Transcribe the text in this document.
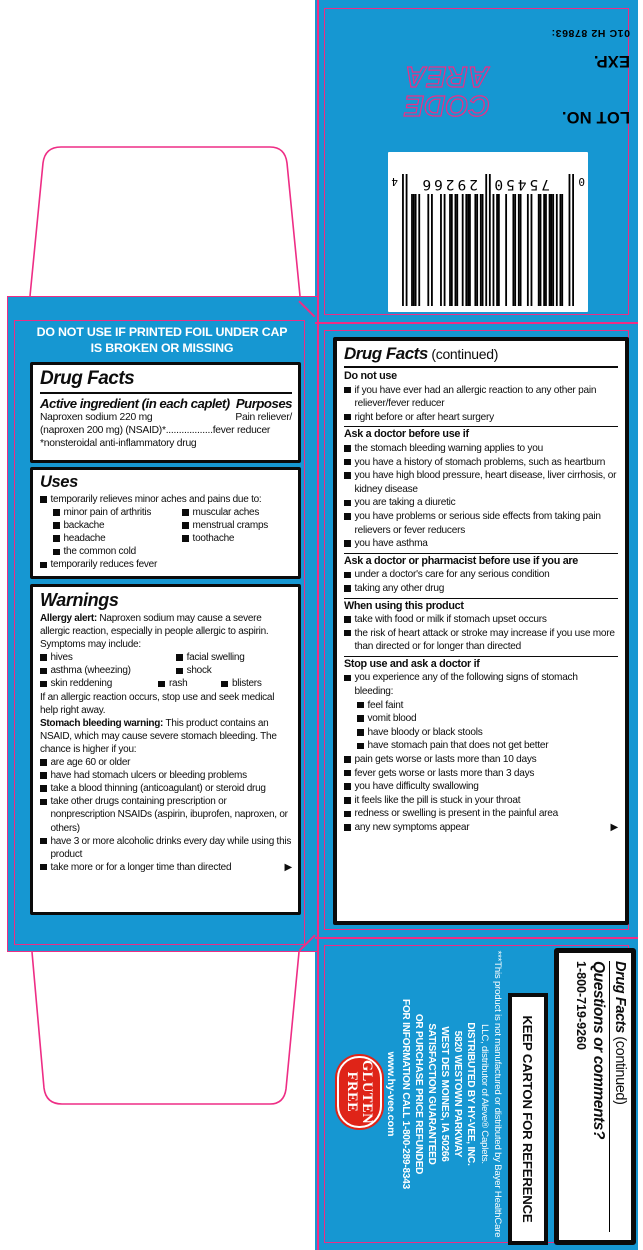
0
75450
29266
4
LOT NO.
CODE
AREA	EXP.
01C H2 87863:
DO NOT USE IF PRINTED FOIL UNDER CAP
IS BROKEN OR MISSING
Drug Facts
Active ingredient (in each caplet) Purposes
Naproxen sodium 220 mg	Pain reliever/
(naproxen 200 mg) (NSAID)*..................fever reducer
*nonsteroidal anti-inflammatory drug
Uses
temporarily relieves minor aches and pains due to:
minor pain of arthritis	muscular aches
backache	menstrual cramps
headache	toothache
the common cold
temporarily reduces fever
Warnings
Allergy alert: Naproxen sodium may cause a severe allergic reaction, especially in people allergic to aspirin. Symptoms may include:
hives	facial swelling
asthma (wheezing)	shock
skin reddening	rash	blisters
If an allergic reaction occurs, stop use and seek medical help right away.
Stomach bleeding warning: This product contains an NSAID, which may cause severe stomach bleeding. The chance is higher if you:
are age 60 or older
have had stomach ulcers or bleeding problems
take a blood thinning (anticoagulant) or steroid drug
take other drugs containing prescription or nonprescription NSAIDs (aspirin, ibuprofen, naproxen, or others)
have 3 or more alcoholic drinks every day while using this product
take more or for a longer time than directed	▶
Drug Facts (continued)
Do not use
if you have ever had an allergic reaction to any other pain reliever/fever reducer
right before or after heart surgery
Ask a doctor before use if
the stomach bleeding warning applies to you
you have a history of stomach problems, such as heartburn
you have high blood pressure, heart disease, liver cirrhosis, or kidney disease
you are taking a diuretic
you have problems or serious side effects from taking pain relievers or fever reducers
you have asthma
Ask a doctor or pharmacist before use if you are
under a doctor's care for any serious condition
taking any other drug
When using this product
take with food or milk if stomach upset occurs
the risk of heart attack or stroke may increase if you use more than directed or for longer than directed
Stop use and ask a doctor if
you experience any of the following signs of stomach bleeding:
feel faint
vomit blood
have bloody or black stools
have stomach pain that does not get better
pain gets worse or lasts more than 10 days
fever gets worse or lasts more than 3 days
you have difficulty swallowing
it feels like the pill is stuck in your throat
redness or swelling is present in the painful area
any new symptoms appear	▶
Drug Facts (continued)
Questions or comments?
1-800-719-9260
KEEP CARTON FOR REFERENCE
***This product is not manufactured or distributed by Bayer HealthCare LLC, distributor of Aleve® Caplets.
DISTRIBUTED BY HY-VEE, INC.
5820 WESTOWN PARKWAY
WEST DES MOINES, IA 50266
SATISFACTION GUARANTEED
OR PURCHASE PRICE REFUNDED
FOR INFORMATION CALL 1-800-289-8343
www.hy-vee.com
GLUTEN
FREE
